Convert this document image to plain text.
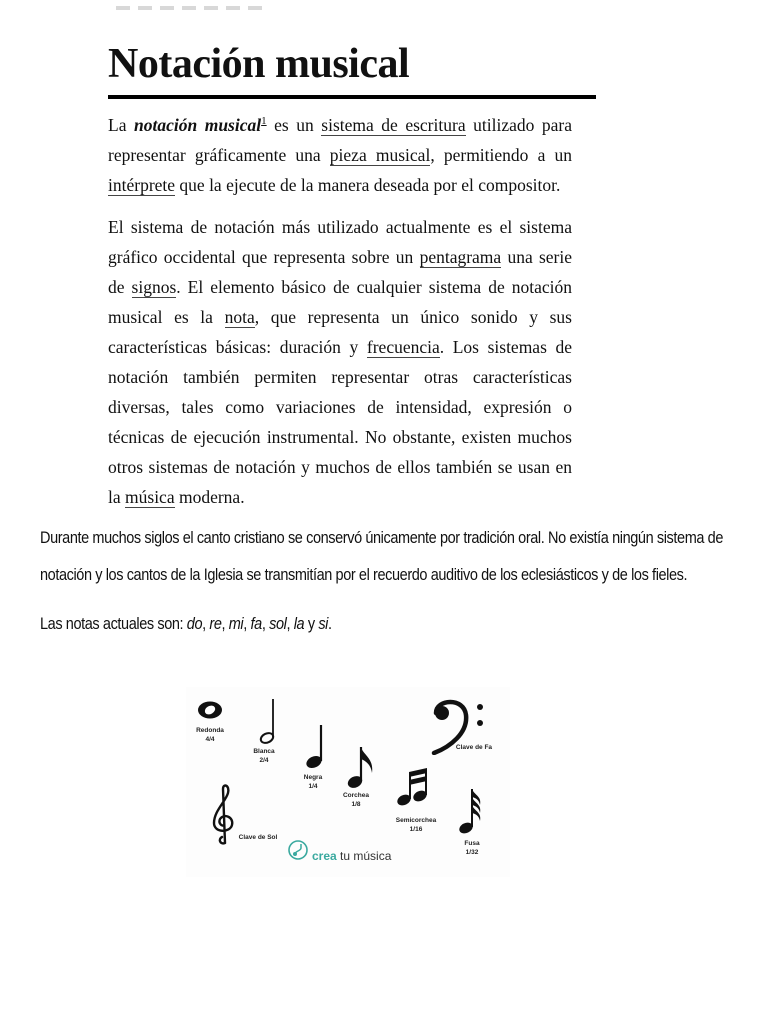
Notación musical

La notación musical$^1$ es un sistema de escritura utilizado para representar gráficamente una pieza musical, permitiendo a un intérprete que la ejecute de la manera deseada por el compositor.

El sistema de notación más utilizado actualmente es el sistema gráfico occidental que representa sobre un pentagrama una serie de signos. El elemento básico de cualquier sistema de notación musical es la nota, que representa un único sonido y sus características básicas: duración y frecuencia. Los sistemas de notación también permiten representar otras características diversas, tales como variaciones de intensidad, expresión o técnicas de ejecución instrumental. No obstante, existen muchos otros sistemas de notación y muchos de ellos también se usan en la música moderna.

Durante muchos siglos el canto cristiano se conservó únicamente por tradición oral. No existía ningún sistema de notación y los cantos de la Iglesia se transmitían por el recuerdo auditivo de los eclesiásticos y de los fieles.

Las notas actuales son: do, re, mi, fa, sol, la y si.

Redonda
4/4
Blanca
2/4
Negra
1/4
Corchea
1/8
Semicorchea
1/16
Fusa
1/32
Clave de Sol
Clave de Fa
crea tu música
